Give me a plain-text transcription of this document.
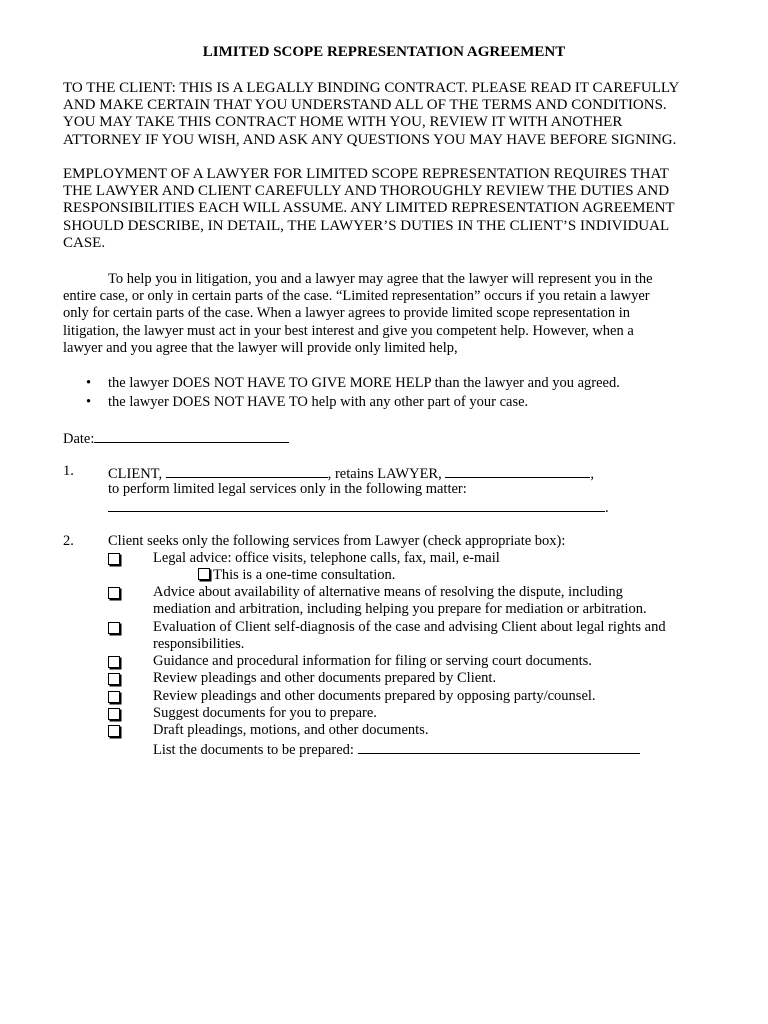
LIMITED SCOPE REPRESENTATION AGREEMENT
TO THE CLIENT: THIS IS A LEGALLY BINDING CONTRACT. PLEASE READ IT CAREFULLY
AND MAKE CERTAIN THAT YOU UNDERSTAND ALL OF THE TERMS AND CONDITIONS.
YOU MAY TAKE THIS CONTRACT HOME WITH YOU, REVIEW IT WITH ANOTHER
ATTORNEY IF YOU WISH, AND ASK ANY QUESTIONS YOU MAY HAVE BEFORE SIGNING.
EMPLOYMENT OF A LAWYER FOR LIMITED SCOPE REPRESENTATION REQUIRES THAT
THE LAWYER AND CLIENT CAREFULLY AND THOROUGHLY REVIEW THE DUTIES AND
RESPONSIBILITIES EACH WILL ASSUME. ANY LIMITED REPRESENTATION AGREEMENT
SHOULD DESCRIBE, IN DETAIL, THE LAWYER’S DUTIES IN THE CLIENT’S INDIVIDUAL
CASE.
To help you in litigation, you and a lawyer may agree that the lawyer will represent you in the
entire case, or only in certain parts of the case. “Limited representation” occurs if you retain a lawyer
only for certain parts of the case. When a lawyer agrees to provide limited scope representation in
litigation, the lawyer must act in your best interest and give you competent help. However, when a
lawyer and you agree that the lawyer will provide only limited help,
• the lawyer DOES NOT HAVE TO GIVE MORE HELP than the lawyer and you agreed.
• the lawyer DOES NOT HAVE TO help with any other part of your case.
Date:
1. CLIENT,	, retains LAWYER,	,
to perform limited legal services only in the following matter:
.
2. Client seeks only the following services from Lawyer (check appropriate box):
Legal advice: office visits, telephone calls, fax, mail, e-mail
This is a one-time consultation.
Advice about availability of alternative means of resolving the dispute, including
mediation and arbitration, including helping you prepare for mediation or arbitration.
Evaluation of Client self-diagnosis of the case and advising Client about legal rights and
responsibilities.
Guidance and procedural information for filing or serving court documents.
Review pleadings and other documents prepared by Client.
Review pleadings and other documents prepared by opposing party/counsel.
Suggest documents for you to prepare.
Draft pleadings, motions, and other documents.
List the documents to be prepared:
